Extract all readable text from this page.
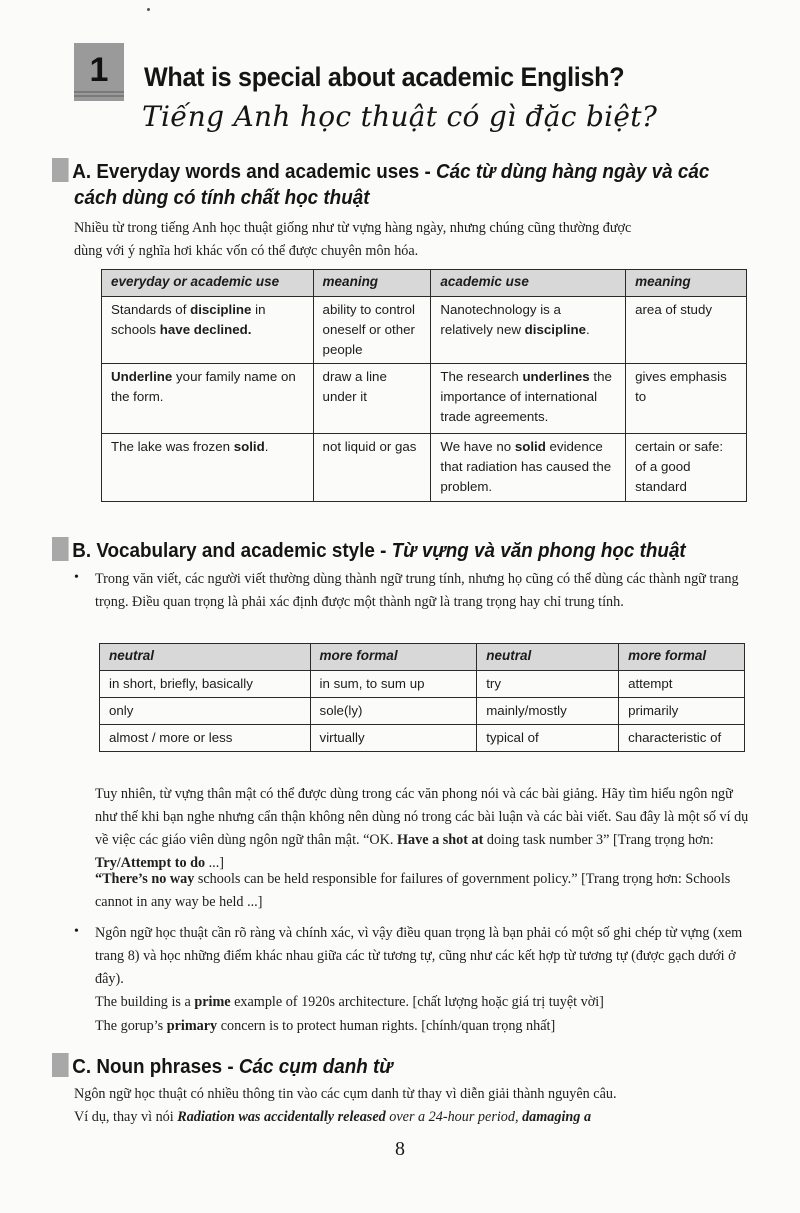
1	What is special about academic English?
Tiếng Anh học thuật có gì đặc biệt?
A. Everyday words and academic uses - Các từ dùng hàng ngày và các
cách dùng có tính chất học thuật
Nhiều từ trong tiếng Anh học thuật giống như từ vựng hàng ngày, nhưng chúng cũng thường được
dùng với ý nghĩa hơi khác vốn có thể được chuyên môn hóa.
everyday or academic use	meaning	academic use	meaning
Standards of discipline in schools have declined.	ability to control oneself or other people	Nanotechnology is a relatively new discipline.	area of study
Underline your family name on the form.	draw a line under it	The research underlines the importance of international trade agreements.	gives emphasis to
The lake was frozen solid.	not liquid or gas	We have no solid evidence that radiation has caused the problem.	certain or safe: of a good standard
B. Vocabulary and academic style - Từ vựng và văn phong học thuật
• Trong văn viết, các người viết thường dùng thành ngữ trung tính, nhưng họ cũng có thể dùng các thành ngữ trang trọng. Điều quan trọng là phải xác định được một thành ngữ là trang trọng hay chỉ trung tính.
neutral	more formal	neutral	more formal
in short, briefly, basically	in sum, to sum up	try	attempt
only	sole(ly)	mainly/mostly	primarily
almost / more or less	virtually	typical of	characteristic of
Tuy nhiên, từ vựng thân mật có thể được dùng trong các văn phong nói và các bài giảng. Hãy tìm hiểu ngôn ngữ như thế khi bạn nghe nhưng cẩn thận không nên dùng nó trong các bài luận và các bài viết. Sau đây là một số ví dụ về việc các giáo viên dùng ngôn ngữ thân mật. “OK. Have a shot at doing task number 3” [Trang trọng hơn: Try/Attempt to do ...]
“There’s no way schools can be held responsible for failures of government policy.” [Trang trọng hơn: Schools cannot in any way be held ...]
• Ngôn ngữ học thuật cần rõ ràng và chính xác, vì vậy điều quan trọng là bạn phải có một số ghi chép từ vựng (xem trang 8) và học những điểm khác nhau giữa các từ tương tự, cũng như các kết hợp từ tương tự (được gạch dưới ở đây).
The building is a prime example of 1920s architecture. [chất lượng hoặc giá trị tuyệt vời]
The gorup’s primary concern is to protect human rights. [chính/quan trọng nhất]
C. Noun phrases - Các cụm danh từ
Ngôn ngữ học thuật có nhiều thông tin vào các cụm danh từ thay vì diễn giải thành nguyên câu.
Ví dụ, thay vì nói Radiation was accidentally released over a 24-hour period, damaging a
8
